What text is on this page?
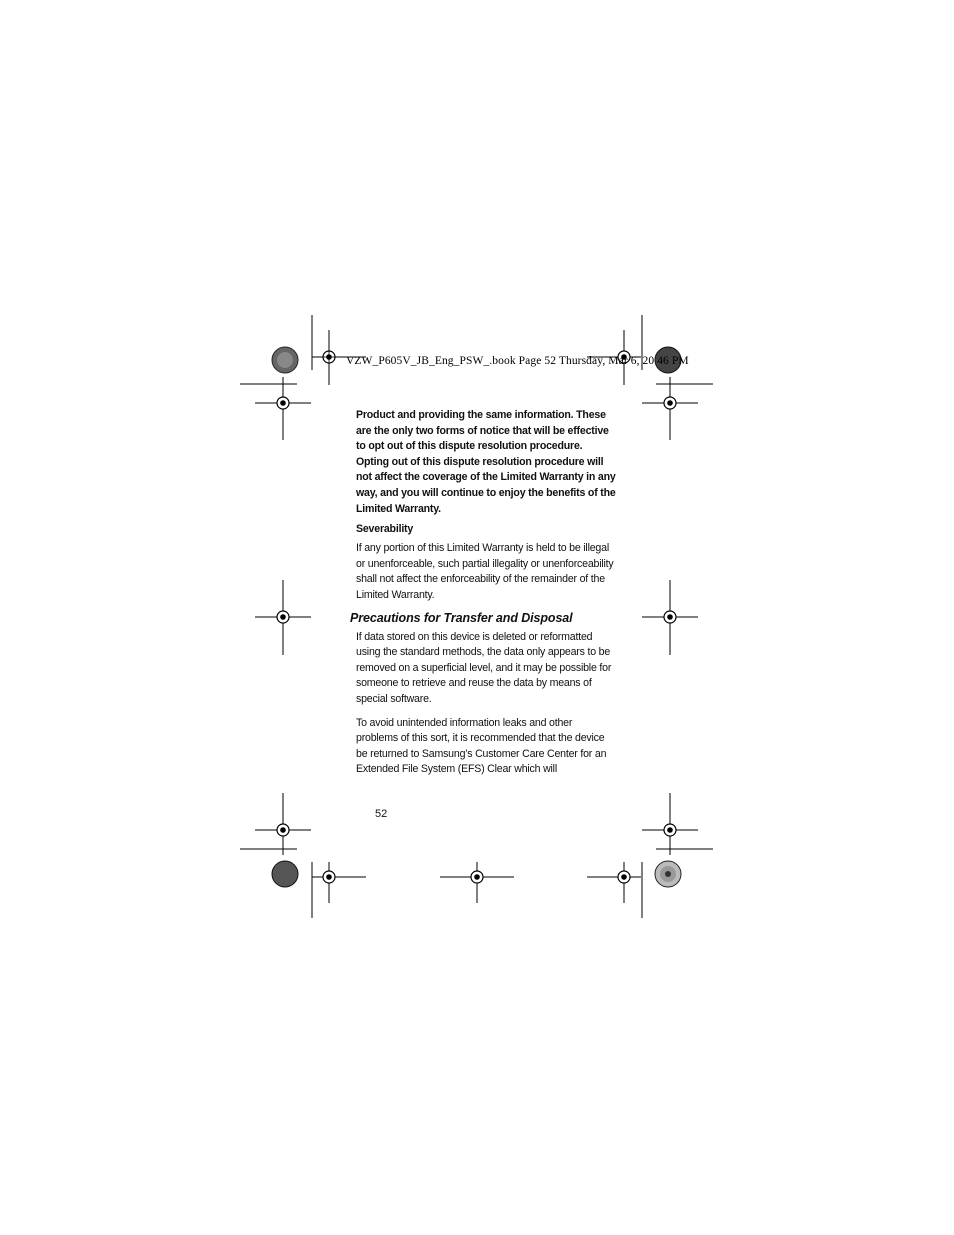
VZW_P605V_JB_Eng_PSW_.book Page 52 Thursday, Mar 6, 20 46 PM

Product and providing the same information. These are the only two forms of notice that will be effective to opt out of this dispute resolution procedure. Opting out of this dispute resolution procedure will not affect the coverage of the Limited Warranty in any way, and you will continue to enjoy the benefits of the Limited Warranty.

Severability

If any portion of this Limited Warranty is held to be illegal or unenforceable, such partial illegality or unenforceability shall not affect the enforceability of the remainder of the Limited Warranty.

Precautions for Transfer and Disposal

If data stored on this device is deleted or reformatted using the standard methods, the data only appears to be removed on a superficial level, and it may be possible for someone to retrieve and reuse the data by means of special software.

To avoid unintended information leaks and other problems of this sort, it is recommended that the device be returned to Samsung’s Customer Care Center for an Extended File System (EFS) Clear which will

52
